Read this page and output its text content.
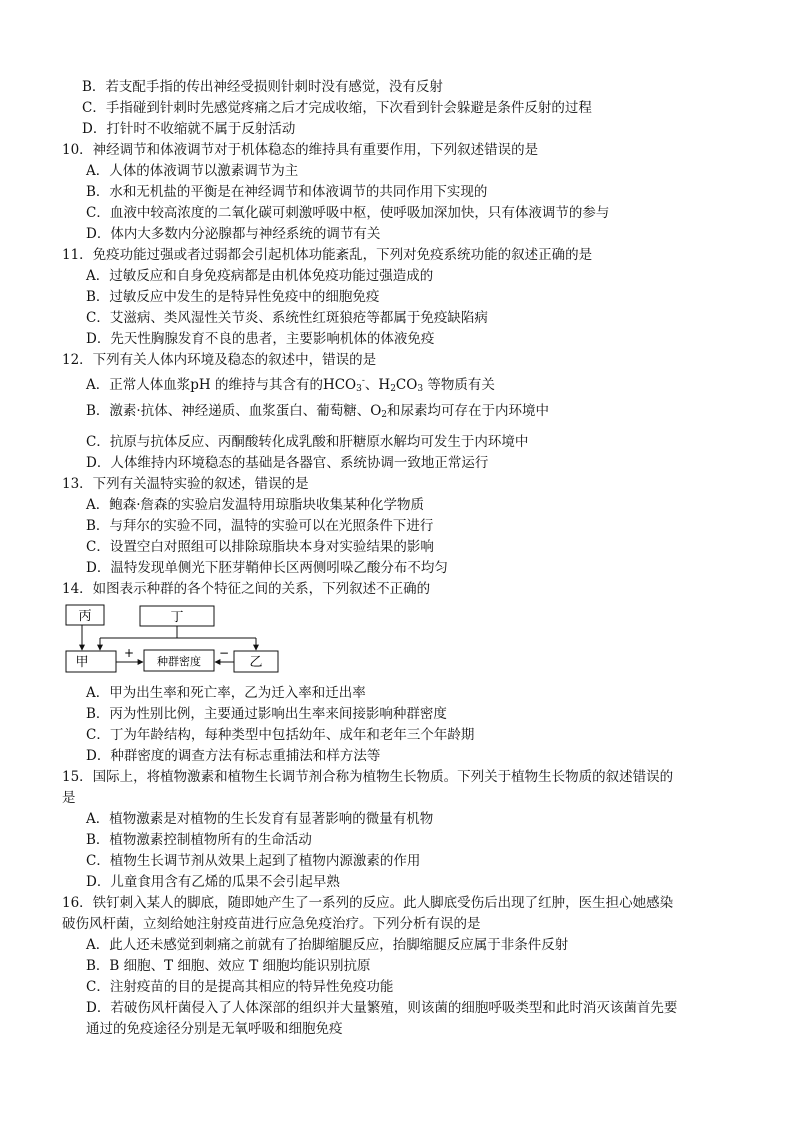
B．若支配手指的传出神经受损则针刺时没有感觉，没有反射
C．手指碰到针刺时先感觉疼痛之后才完成收缩，下次看到针会躲避是条件反射的过程
D．打针时不收缩就不属于反射活动
10．神经调节和体液调节对于机体稳态的维持具有重要作用，下列叙述错误的是
A．人体的体液调节以激素调节为主
B．水和无机盐的平衡是在神经调节和体液调节的共同作用下实现的
C．血液中较高浓度的二氧化碳可刺激呼吸中枢，使呼吸加深加快，只有体液调节的参与
D．体内大多数内分泌腺都与神经系统的调节有关
11．免疫功能过强或者过弱都会引起机体功能紊乱，下列对免疫系统功能的叙述正确的是
A．过敏反应和自身免疫病都是由机体免疫功能过强造成的
B．过敏反应中发生的是特异性免疫中的细胞免疫
C．艾滋病、类风湿性关节炎、系统性红斑狼疮等都属于免疫缺陷病
D．先天性胸腺发育不良的患者，主要影响机体的体液免疫
12．下列有关人体内环境及稳态的叙述中，错误的是
A．正常人体血浆pH 的维持与其含有的$HCO_3^-$、$H_2CO_3$ 等物质有关
B．激素·抗体、神经递质、血浆蛋白、葡萄糖、$O_2$和尿素均可存在于内环境中
C．抗原与抗体反应、丙酮酸转化成乳酸和肝糖原水解均可发生于内环境中
D．人体维持内环境稳态的基础是各器官、系统协调一致地正常运行
13．下列有关温特实验的叙述，错误的是
A．鲍森·詹森的实验启发温特用琼脂块收集某种化学物质
B．与拜尔的实验不同，温特的实验可以在光照条件下进行
C．设置空白对照组可以排除琼脂块本身对实验结果的影响
D．温特发现单侧光下胚芽鞘伸长区两侧吲哚乙酸分布不均匀
14．如图表示种群的各个特征之间的关系，下列叙述不正确的
丙	丁
甲	种群密度	乙
+	−
A．甲为出生率和死亡率，乙为迁入率和迁出率
B．丙为性别比例，主要通过影响出生率来间接影响种群密度
C．丁为年龄结构，每种类型中包括幼年、成年和老年三个年龄期
D．种群密度的调查方法有标志重捕法和样方法等
15．国际上，将植物激素和植物生长调节剂合称为植物生长物质。下列关于植物生长物质的叙述错误的
是
A．植物激素是对植物的生长发育有显著影响的微量有机物
B．植物激素控制植物所有的生命活动
C．植物生长调节剂从效果上起到了植物内源激素的作用
D．儿童食用含有乙烯的瓜果不会引起早熟
16．铁钉刺入某人的脚底，随即她产生了一系列的反应。此人脚底受伤后出现了红肿，医生担心她感染
破伤风杆菌，立刻给她注射疫苗进行应急免疫治疗。下列分析有误的是
A．此人还未感觉到刺痛之前就有了抬脚缩腿反应，抬脚缩腿反应属于非条件反射
B．B 细胞、T 细胞、效应 T 细胞均能识别抗原
C．注射疫苗的目的是提高其相应的特异性免疫功能
D．若破伤风杆菌侵入了人体深部的组织并大量繁殖，则该菌的细胞呼吸类型和此时消灭该菌首先要
通过的免疫途径分别是无氧呼吸和细胞免疫
